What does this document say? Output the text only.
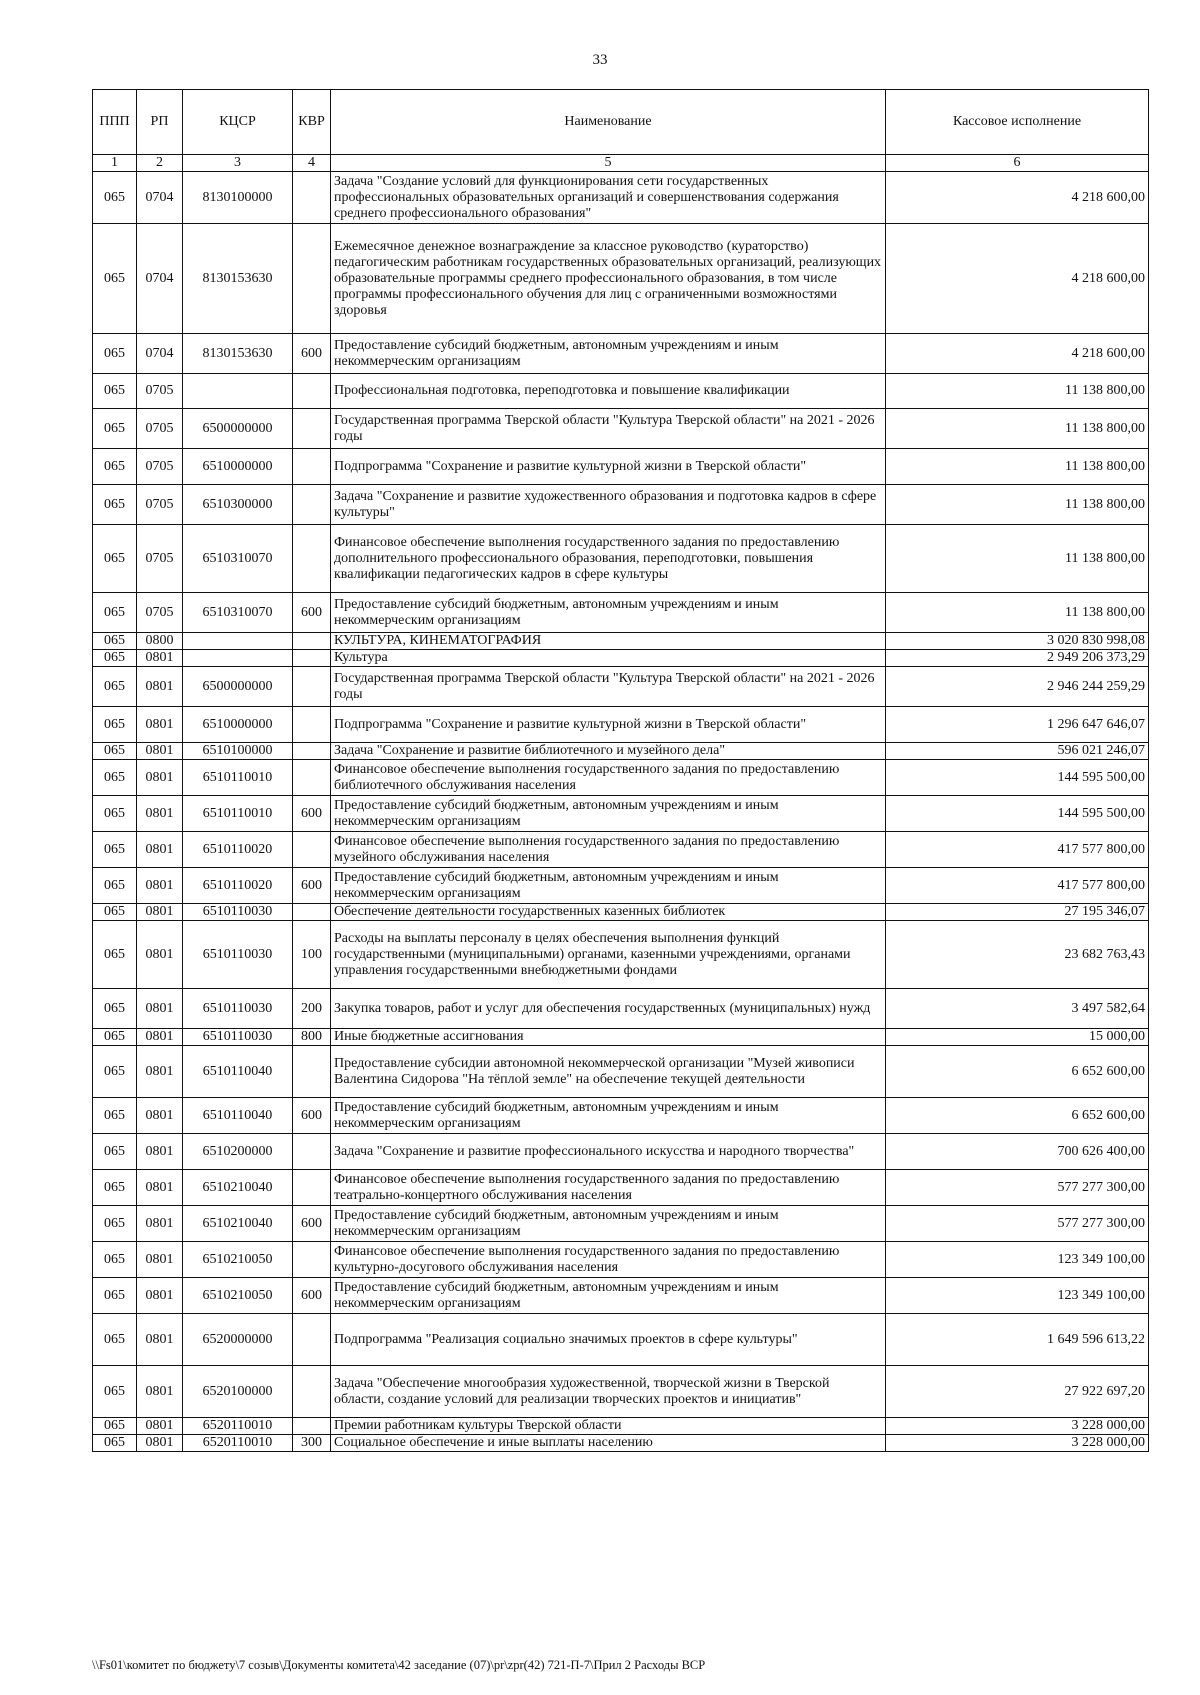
33
ППП	РП	КЦСР	КВР	Наименование	Кассовое исполнение
1	2	3	4	5	6
065	0704	8130100000		Задача "Создание условий для функционирования сети государственных профессиональных образовательных организаций и совершенствования содержания среднего профессионального образования"	4 218 600,00
065	0704	8130153630		Ежемесячное денежное вознаграждение за классное руководство (кураторство) педагогическим работникам государственных образовательных организаций, реализующих образовательные программы среднего профессионального образования, в том числе программы профессионального обучения для лиц с ограниченными возможностями здоровья	4 218 600,00
065	0704	8130153630	600	Предоставление субсидий бюджетным, автономным учреждениям и иным некоммерческим организациям	4 218 600,00
065	0705			Профессиональная подготовка, переподготовка и повышение квалификации	11 138 800,00
065	0705	6500000000		Государственная программа Тверской области "Культура Тверской области" на 2021 - 2026 годы	11 138 800,00
065	0705	6510000000		Подпрограмма "Сохранение и развитие культурной жизни в Тверской области"	11 138 800,00
065	0705	6510300000		Задача "Сохранение и развитие художественного образования и подготовка кадров в сфере культуры"	11 138 800,00
065	0705	6510310070		Финансовое обеспечение выполнения государственного задания по предоставлению дополнительного профессионального образования, переподготовки, повышения квалификации педагогических кадров в сфере культуры	11 138 800,00
065	0705	6510310070	600	Предоставление субсидий бюджетным, автономным учреждениям и иным некоммерческим организациям	11 138 800,00
065	0800			КУЛЬТУРА, КИНЕМАТОГРАФИЯ	3 020 830 998,08
065	0801			Культура	2 949 206 373,29
065	0801	6500000000		Государственная программа Тверской области "Культура Тверской области" на 2021 - 2026 годы	2 946 244 259,29
065	0801	6510000000		Подпрограмма "Сохранение и развитие культурной жизни в Тверской области"	1 296 647 646,07
065	0801	6510100000		Задача "Сохранение и развитие библиотечного и музейного дела"	596 021 246,07
065	0801	6510110010		Финансовое обеспечение выполнения государственного задания по предоставлению библиотечного обслуживания населения	144 595 500,00
065	0801	6510110010	600	Предоставление субсидий бюджетным, автономным учреждениям и иным некоммерческим организациям	144 595 500,00
065	0801	6510110020		Финансовое обеспечение выполнения государственного задания по предоставлению музейного обслуживания населения	417 577 800,00
065	0801	6510110020	600	Предоставление субсидий бюджетным, автономным учреждениям и иным некоммерческим организациям	417 577 800,00
065	0801	6510110030		Обеспечение деятельности государственных казенных библиотек	27 195 346,07
065	0801	6510110030	100	Расходы на выплаты персоналу в целях обеспечения выполнения функций государственными (муниципальными) органами, казенными учреждениями, органами управления государственными внебюджетными фондами	23 682 763,43
065	0801	6510110030	200	Закупка товаров, работ и услуг для обеспечения государственных (муниципальных) нужд	3 497 582,64
065	0801	6510110030	800	Иные бюджетные ассигнования	15 000,00
065	0801	6510110040		Предоставление субсидии автономной некоммерческой организации "Музей живописи Валентина Сидорова "На тёплой земле" на обеспечение текущей деятельности	6 652 600,00
065	0801	6510110040	600	Предоставление субсидий бюджетным, автономным учреждениям и иным некоммерческим организациям	6 652 600,00
065	0801	6510200000		Задача "Сохранение и развитие профессионального искусства и народного творчества"	700 626 400,00
065	0801	6510210040		Финансовое обеспечение выполнения государственного задания по предоставлению театрально-концертного обслуживания населения	577 277 300,00
065	0801	6510210040	600	Предоставление субсидий бюджетным, автономным учреждениям и иным некоммерческим организациям	577 277 300,00
065	0801	6510210050		Финансовое обеспечение выполнения государственного задания по предоставлению культурно-досугового обслуживания населения	123 349 100,00
065	0801	6510210050	600	Предоставление субсидий бюджетным, автономным учреждениям и иным некоммерческим организациям	123 349 100,00
065	0801	6520000000		Подпрограмма "Реализация социально значимых проектов в сфере культуры"	1 649 596 613,22
065	0801	6520100000		Задача "Обеспечение многообразия художественной, творческой жизни в Тверской области, создание условий для реализации творческих проектов и инициатив"	27 922 697,20
065	0801	6520110010		Премии работникам культуры Тверской области	3 228 000,00
065	0801	6520110010	300	Социальное обеспечение и иные выплаты населению	3 228 000,00
\\Fs01\комитет по бюджету\7 созыв\Документы комитета\42 заседание (07)\pr\zpr(42) 721-П-7\Прил 2 Расходы ВСР
